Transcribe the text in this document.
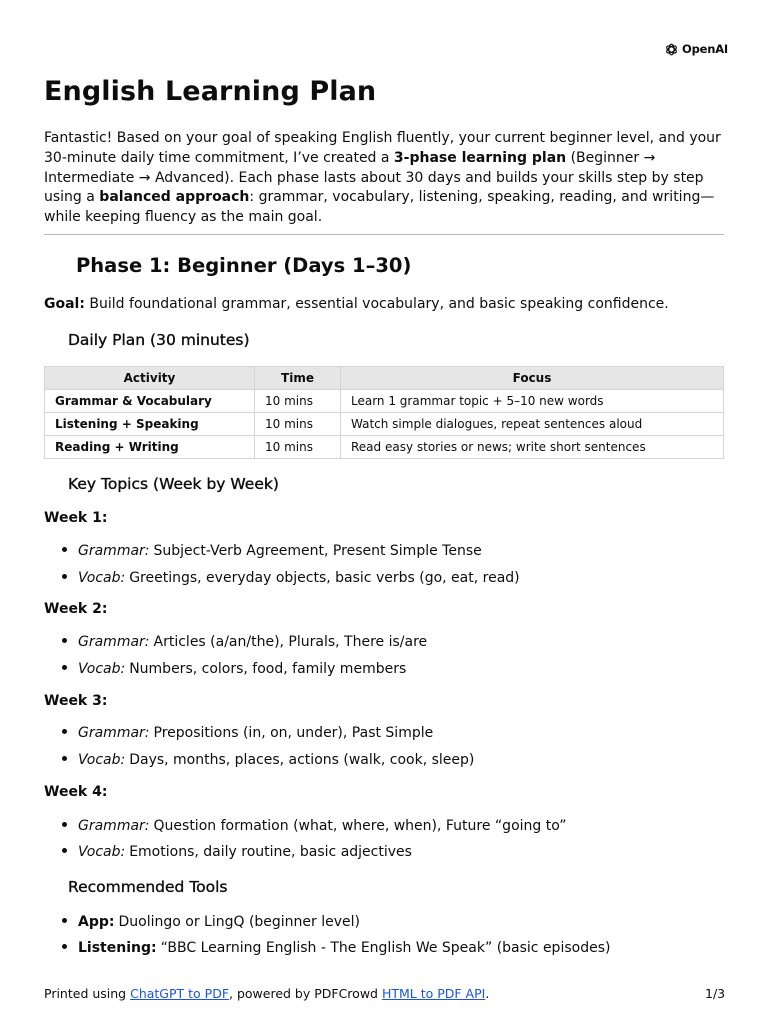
OpenAI
English Learning Plan
Fantastic! Based on your goal of speaking English fluently, your current beginner level, and your 30-minute daily time commitment, I’ve created a 3-phase learning plan (Beginner → Intermediate → Advanced). Each phase lasts about 30 days and builds your skills step by step using a balanced approach: grammar, vocabulary, listening, speaking, reading, and writing—while keeping fluency as the main goal.
Phase 1: Beginner (Days 1–30)
Goal: Build foundational grammar, essential vocabulary, and basic speaking confidence.
Daily Plan (30 minutes)
Activity	Time	Focus
Grammar & Vocabulary	10 mins	Learn 1 grammar topic + 5–10 new words
Listening + Speaking	10 mins	Watch simple dialogues, repeat sentences aloud
Reading + Writing	10 mins	Read easy stories or news; write short sentences
Key Topics (Week by Week)
Week 1:
Grammar: Subject-Verb Agreement, Present Simple Tense
Vocab: Greetings, everyday objects, basic verbs (go, eat, read)
Week 2:
Grammar: Articles (a/an/the), Plurals, There is/are
Vocab: Numbers, colors, food, family members
Week 3:
Grammar: Prepositions (in, on, under), Past Simple
Vocab: Days, months, places, actions (walk, cook, sleep)
Week 4:
Grammar: Question formation (what, where, when), Future “going to”
Vocab: Emotions, daily routine, basic adjectives
Recommended Tools
App: Duolingo or LingQ (beginner level)
Listening: “BBC Learning English - The English We Speak” (basic episodes)
Printed using ChatGPT to PDF, powered by PDFCrowd HTML to PDF API.	1/3
